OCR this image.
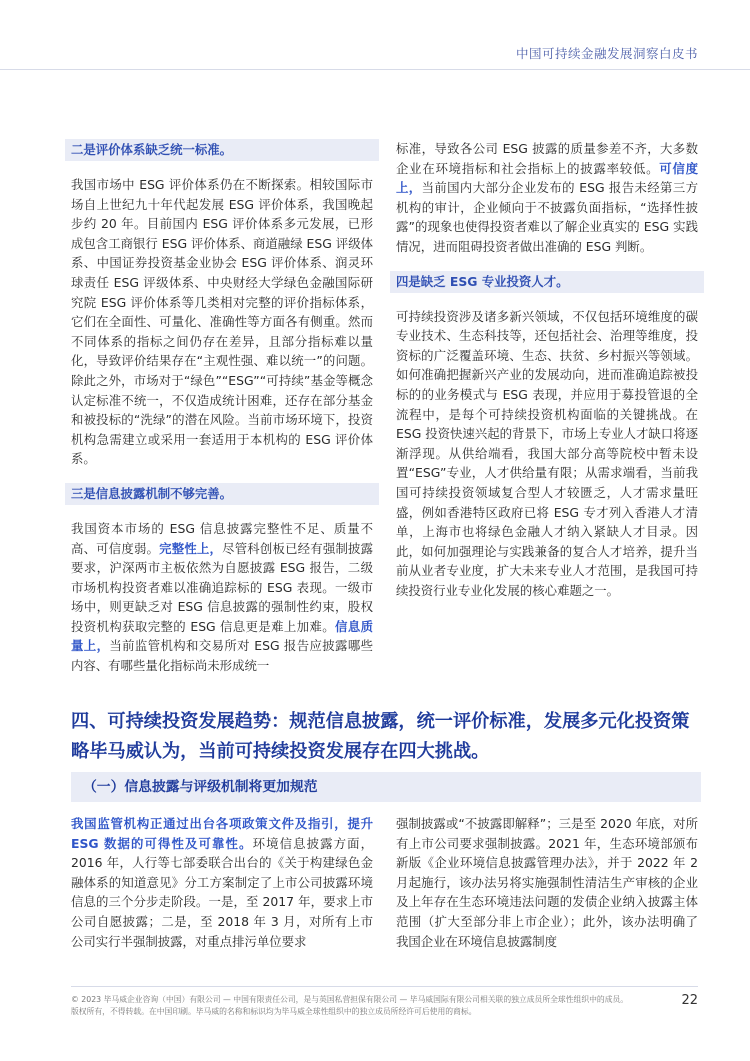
中国可持续金融发展洞察白皮书
二是评价体系缺乏统一标准。

我国市场中 ESG 评价体系仍在不断探索。相较国际市场自上世纪九十年代起发展 ESG 评价体系，我国晚起步约 20 年。目前国内 ESG 评价体系多元发展，已形成包含工商银行 ESG 评价体系、商道融绿 ESG 评级体系、中国证券投资基金业协会 ESG 评价体系、润灵环球责任 ESG 评级体系、中央财经大学绿色金融国际研究院 ESG 评价体系等几类相对完整的评价指标体系，它们在全面性、可量化、准确性等方面各有侧重。然而不同体系的指标之间仍存在差异，且部分指标难以量化，导致评价结果存在“主观性强、难以统一”的问题。除此之外，市场对于“绿色”“ESG”“可持续”基金等概念认定标准不统一，不仅造成统计困难，还存在部分基金和被投标的“洗绿”的潜在风险。当前市场环境下，投资机构急需建立或采用一套适用于本机构的 ESG 评价体系。

三是信息披露机制不够完善。

我国资本市场的 ESG 信息披露完整性不足、质量不高、可信度弱。完整性上，尽管科创板已经有强制披露要求，沪深两市主板依然为自愿披露 ESG 报告，二级市场机构投资者难以准确追踪标的 ESG 表现。一级市场中，则更缺乏对 ESG 信息披露的强制性约束，股权投资机构获取完整的 ESG 信息更是难上加难。信息质量上，当前监管机构和交易所对 ESG 报告应披露哪些内容、有哪些量化指标尚未形成统一

标准，导致各公司 ESG 披露的质量参差不齐，大多数企业在环境指标和社会指标上的披露率较低。可信度上，当前国内大部分企业发布的 ESG 报告未经第三方机构的审计，企业倾向于不披露负面指标，“选择性披露”的现象也使得投资者难以了解企业真实的 ESG 实践情况，进而阻碍投资者做出准确的 ESG 判断。

四是缺乏 ESG 专业投资人才。

可持续投资涉及诸多新兴领域，不仅包括环境维度的碳专业技术、生态科技等，还包括社会、治理等维度，投资标的广泛覆盖环境、生态、扶贫、乡村振兴等领域。如何准确把握新兴产业的发展动向，进而准确追踪被投标的的业务模式与 ESG 表现，并应用于募投管退的全流程中，是每个可持续投资机构面临的关键挑战。在 ESG 投资快速兴起的背景下，市场上专业人才缺口将逐渐浮现。从供给端看，我国大部分高等院校中暂未设置“ESG”专业，人才供给量有限；从需求端看，当前我国可持续投资领域复合型人才较匮乏，人才需求量旺盛，例如香港特区政府已将 ESG 专才列入香港人才清单，上海市也将绿色金融人才纳入紧缺人才目录。因此，如何加强理论与实践兼备的复合人才培养，提升当前从业者专业度，扩大未来专业人才范围，是我国可持续投资行业专业化发展的核心难题之一。

四、可持续投资发展趋势：规范信息披露，统一评价标准，发展多元化投资策略毕马威认为，当前可持续投资发展存在四大挑战。
（一）信息披露与评级机制将更加规范

我国监管机构正通过出台各项政策文件及指引，提升 ESG 数据的可得性及可靠性。环境信息披露方面，2016 年，人行等七部委联合出台的《关于构建绿色金融体系的知道意见》分工方案制定了上市公司披露环境信息的三个分步走阶段。一是，至 2017 年，要求上市公司自愿披露；二是，至 2018 年 3 月，对所有上市公司实行半强制披露，对重点排污单位要求

强制披露或“不披露即解释”；三是至 2020 年底，对所有上市公司要求强制披露。2021 年，生态环境部颁布新版《企业环境信息披露管理办法》，并于 2022 年 2 月起施行，该办法另将实施强制性清洁生产审核的企业及上年存在生态环境违法问题的发债企业纳入披露主体范围（扩大至部分非上市企业）；此外，该办法明确了我国企业在环境信息披露制度

© 2023 毕马威企业咨询（中国）有限公司 — 中国有限责任公司，是与英国私营担保有限公司 — 毕马威国际有限公司相关联的独立成员所全球性组织中的成员。
版权所有，不得转载。在中国印刷。毕马威的名称和标识均为毕马威全球性组织中的独立成员所经许可后使用的商标。
22
